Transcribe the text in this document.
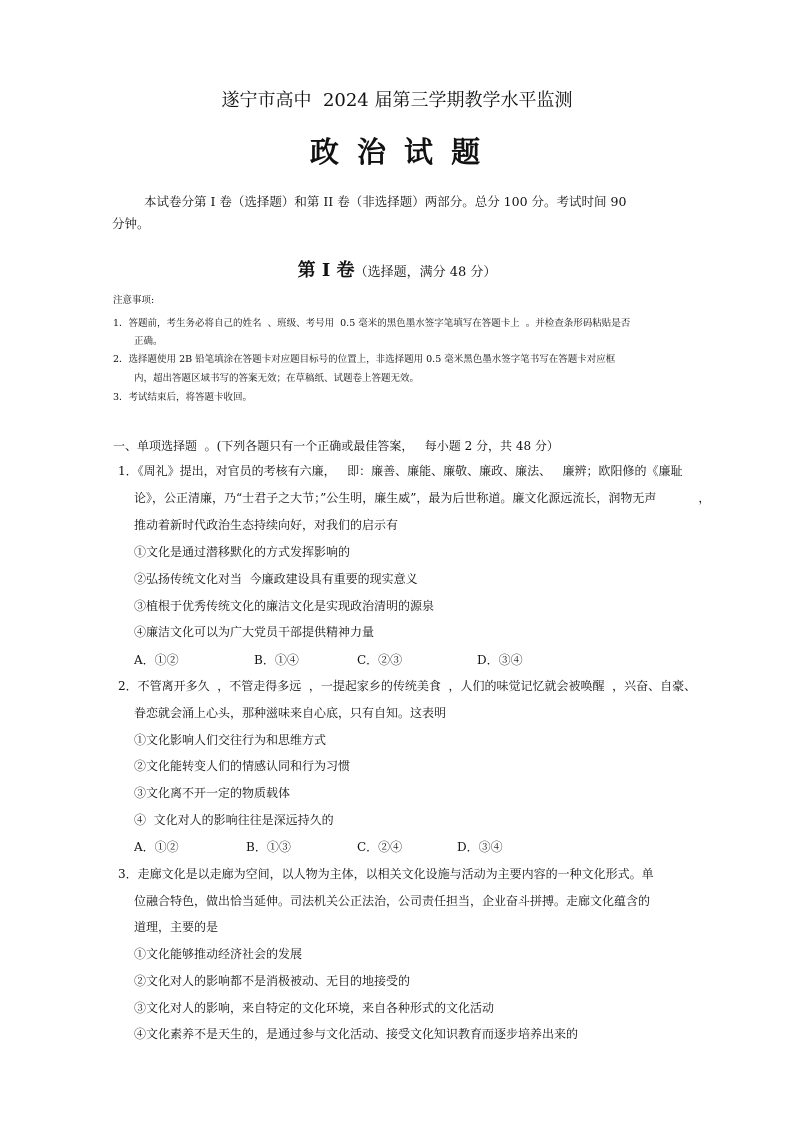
遂宁市高中  2024 届第三学期教学水平监测
政 治 试 题
本试卷分第 I 卷（选择题）和第 II 卷（非选择题）两部分。总分 100 分。考试时间 90
分钟。
第 Ⅰ 卷（选择题，满分 48 分）
注意事项:
1．答题前，考生务必将自己的姓名  、班级、考号用  0.5 毫米的黑色墨水签字笔填写在答题卡上  。并检查条形码粘贴是否
正确。
2．选择题使用 2B 铅笔填涂在答题卡对应题目标号的位置上，非选择题用 0.5 毫米黑色墨水签字笔书写在答题卡对应框
内，超出答题区域书写的答案无效；在草稿纸、试题卷上答题无效。
3．考试结束后，将答题卡收回。
一、单项选择题  。(下列各题只有一个正确或最佳答案，   每小题 2 分，共 48 分）
1．《周礼》提出，对官员的考核有六廉，   即：廉善、廉能、廉敬、廉政、廉法、   廉辨；欧阳修的《廉耻
论》，公正清廉，乃“士君子之大节；”公生明，廉生威”，最为后世称道。廉文化源远流长，润物无声           ，
推动着新时代政治生态持续向好，对我们的启示有
①文化是通过潜移默化的方式发挥影响的
②弘扬传统文化对当  今廉政建设具有重要的现实意义
③植根于优秀传统文化的廉洁文化是实现政治清明的源泉
④廉洁文化可以为广大党员干部提供精神力量
A．①②	B．①④	C．②③	D．③④
2．不管离开多久  ，不管走得多远  ，一提起家乡的传统美食  ，人们的味觉记忆就会被唤醒  ，兴奋、自豪、
眷恋就会涌上心头，那种滋味来自心底，只有自知。这表明
①文化影响人们交往行为和思维方式
②文化能转变人们的情感认同和行为习惯
③文化离不开一定的物质载体
④  文化对人的影响往往是深远持久的
A．①②	B．①③	C．②④	D．③④
3．走廊文化是以走廊为空间，以人物为主体，以相关文化设施与活动为主要内容的一种文化形式。单
位融合特色，做出恰当延伸。司法机关公正法治，公司责任担当，企业奋斗拼搏。走廊文化蕴含的
道理，主要的是
①文化能够推动经济社会的发展
②文化对人的影响都不是消极被动、无目的地接受的
③文化对人的影响，来自特定的文化环境，来自各种形式的文化活动
④文化素养不是天生的，是通过参与文化活动、接受文化知识教育而逐步培养出来的
